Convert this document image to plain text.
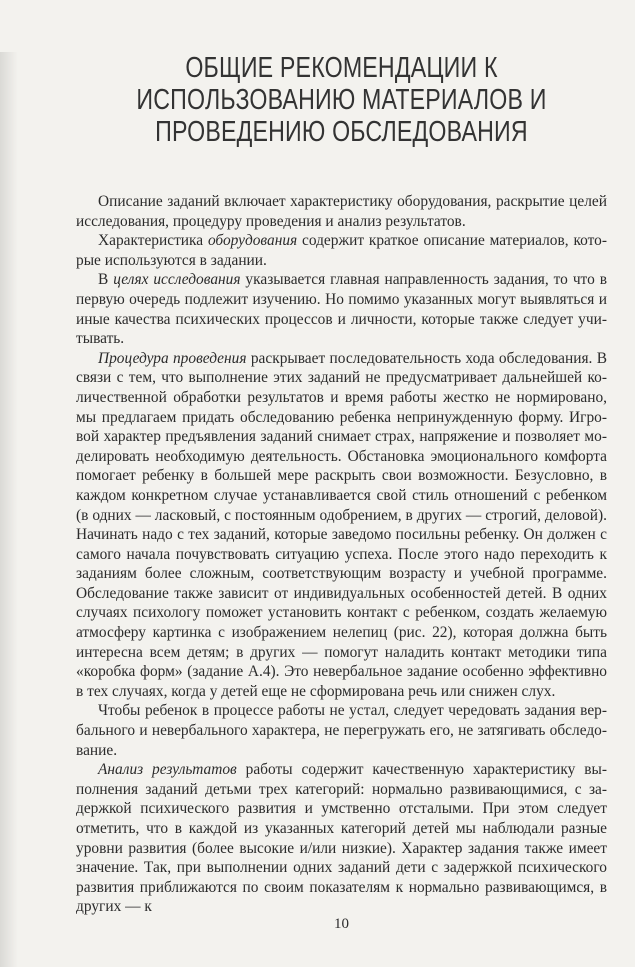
ОБЩИЕ РЕКОМЕНДАЦИИ К
ИСПОЛЬЗОВАНИЮ МАТЕРИАЛОВ И
ПРОВЕДЕНИЮ ОБСЛЕДОВАНИЯ

Описание заданий включает характеристику оборудования, раскрытие целей исследования, процедуру проведения и анализ результатов.

Характеристика оборудования содержит краткое описание материалов, которые используются в задании.

В целях исследования указывается главная направленность задания, то что в первую очередь подлежит изучению. Но помимо указанных могут выявляться и иные качества психических процессов и личности, которые также следует учитывать.

Процедура проведения раскрывает последовательность хода обследования. В связи с тем, что выполнение этих заданий не предусматривает дальнейшей количественной обработки результатов и время работы жестко не нормировано, мы предлагаем придать обследованию ребенка непринужденную форму. Игровой характер предъявления заданий снимает страх, напряжение и позволяет моделировать необходимую деятельность. Обстановка эмоционального комфорта помогает ребенку в большей мере раскрыть свои возможности. Безусловно, в каждом конкретном случае устанавливается свой стиль отношений с ребенком (в одних — ласковый, с постоянным одобрением, в других — строгий, деловой). Начинать надо с тех заданий, которые заведомо посильны ребенку. Он должен с самого начала почувствовать ситуацию успеха. После этого надо переходить к заданиям более сложным, соответствующим возрасту и учебной программе. Обследование также зависит от индивидуальных особенностей детей. В одних случаях психологу поможет установить контакт с ребенком, создать желаемую атмосферу картинка с изображением нелепиц (рис. 22), которая должна быть интересна всем детям; в других — помогут наладить контакт методики типа «коробка форм» (задание А.4). Это невербальное задание особенно эффективно в тех случаях, когда у детей еще не сформирована речь или снижен слух.

Чтобы ребенок в процессе работы не устал, следует чередовать задания вербального и невербального характера, не перегружать его, не затягивать обследование.

Анализ результатов работы содержит качественную характеристику выполнения заданий детьми трех категорий: нормально развивающимися, с задержкой психического развития и умственно отсталыми. При этом следует отметить, что в каждой из указанных категорий детей мы наблюдали разные уровни развития (более высокие и/или низкие). Характер задания также имеет значение. Так, при выполнении одних заданий дети с задержкой психического развития приближаются по своим показателям к нормально развивающимся, в других — к

10
